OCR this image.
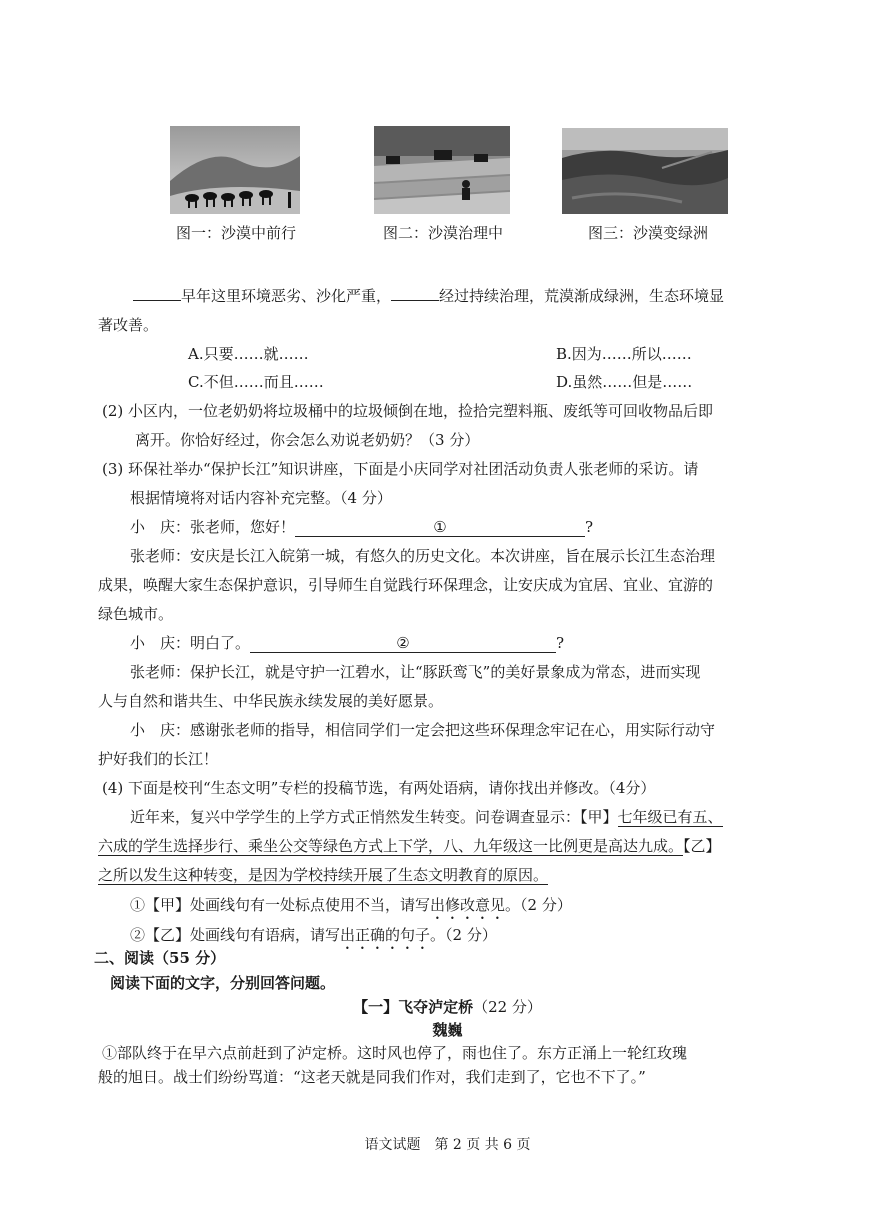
图一：沙漠中前行	图二：沙漠治理中	图三：沙漠变绿洲
早年这里环境恶劣、沙化严重，	经过持续治理，荒漠渐成绿洲，生态环境显
著改善。
A.只要……就……	B.因为……所以……
C.不但……而且……	D.虽然……但是……
(2) 小区内，一位老奶奶将垃圾桶中的垃圾倾倒在地，捡拾完塑料瓶、废纸等可回收物品后即
离开。你恰好经过，你会怎么劝说老奶奶？（3 分）
(3) 环保社举办“保护长江”知识讲座，下面是小庆同学对社团活动负责人张老师的采访。请
根据情境将对话内容补充完整。（4 分）
小　庆：张老师，您好！	①	?
张老师：安庆是长江入皖第一城，有悠久的历史文化。本次讲座，旨在展示长江生态治理
成果，唤醒大家生态保护意识，引导师生自觉践行环保理念，让安庆成为宜居、宜业、宜游的
绿色城市。
小　庆：明白了。	②	?
张老师：保护长江，就是守护一江碧水，让“豚跃鸾飞”的美好景象成为常态，进而实现
人与自然和谐共生、中华民族永续发展的美好愿景。
小　庆：感谢张老师的指导，相信同学们一定会把这些环保理念牢记在心，用实际行动守
护好我们的长江！
(4) 下面是校刊“生态文明”专栏的投稿节选，有两处语病，请你找出并修改。（4分）
近年来，复兴中学学生的上学方式正悄然发生转变。问卷调查显示：【甲】七年级已有五、
六成的学生选择步行、乘坐公交等绿色方式上下学，八、九年级这一比例更是高达九成。【乙】
之所以发生这种转变，是因为学校持续开展了生态文明教育的原因。
①【甲】处画线句有一处标点使用不当，请写出修改意见。（2 分）
②【乙】处画线句有语病，请写出正确的句子。（2 分）
二、阅读（55 分）
阅读下面的文字，分别回答问题。
【一】飞夺泸定桥（22 分）
魏巍
①部队终于在早六点前赶到了泸定桥。这时风也停了，雨也住了。东方正涌上一轮红玫瑰
般的旭日。战士们纷纷骂道：“这老天就是同我们作对，我们走到了，它也不下了。”
语文试题　第 2 页 共 6 页
